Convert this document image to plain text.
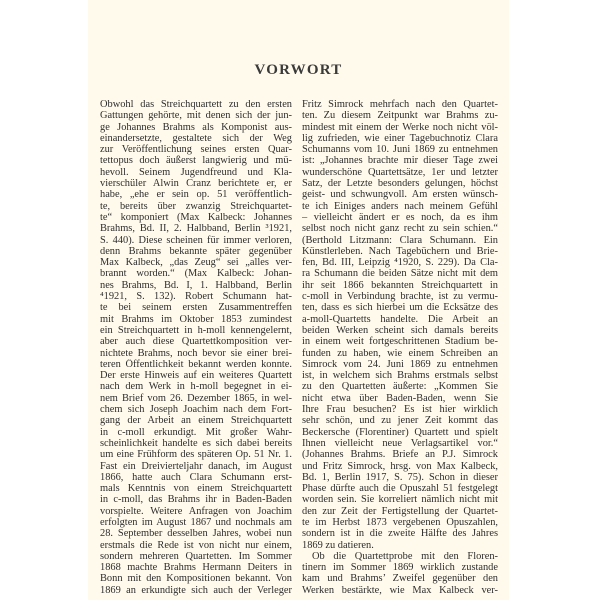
VORWORT
Obwohl das Streichquartett zu den ersten
Gattungen gehörte, mit denen sich der jun-
ge Johannes Brahms als Komponist aus-
einandersetzte, gestaltete sich der Weg
zur Veröffentlichung seines ersten Quar-
tettopus doch äußerst langwierig und mü-
hevoll. Seinem Jugendfreund und Kla-
vierschüler Alwin Cranz berichtete er, er
habe, „ehe er sein op. 51 veröffentlich-
te, bereits über zwanzig Streichquartet-
te“ komponiert (Max Kalbeck: Johannes
Brahms, Bd. II, 2. Halbband, Berlin ³1921,
S. 440). Diese scheinen für immer verloren,
denn Brahms bekannte später gegenüber
Max Kalbeck, „das Zeug“ sei „alles ver-
brannt worden.“ (Max Kalbeck: Johan-
nes Brahms, Bd. I, 1. Halbband, Berlin
⁴1921, S. 132). Robert Schumann hat-
te bei seinem ersten Zusammentreffen
mit Brahms im Oktober 1853 zumindest
ein Streichquartett in h-moll kennengelernt,
aber auch diese Quartettkomposition ver-
nichtete Brahms, noch bevor sie einer brei-
teren Öffentlichkeit bekannt werden konnte.
Der erste Hinweis auf ein weiteres Quartett
nach dem Werk in h-moll begegnet in ei-
nem Brief vom 26. Dezember 1865, in wel-
chem sich Joseph Joachim nach dem Fort-
gang der Arbeit an einem Streichquartett
in c-moll erkundigt. Mit großer Wahr-
scheinlichkeit handelte es sich dabei bereits
um eine Frühform des späteren Op. 51 Nr. 1.
Fast ein Dreivierteljahr danach, im August
1866, hatte auch Clara Schumann erst-
mals Kenntnis von einem Streichquartett
in c-moll, das Brahms ihr in Baden-Baden
vorspielte. Weitere Anfragen von Joachim
erfolgten im August 1867 und nochmals am
28. September desselben Jahres, wobei nun
erstmals die Rede ist von nicht nur einem,
sondern mehreren Quartetten. Im Sommer
1868 machte Brahms Hermann Deiters in
Bonn mit den Kompositionen bekannt. Von
1869 an erkundigte sich auch der Verleger
Fritz Simrock mehrfach nach den Quartet-
ten. Zu diesem Zeitpunkt war Brahms zu-
mindest mit einem der Werke noch nicht völ-
lig zufrieden, wie einer Tagebuchnotiz Clara
Schumanns vom 10. Juni 1869 zu entnehmen
ist: „Johannes brachte mir dieser Tage zwei
wunderschöne Quartettsätze, 1er und letzter
Satz, der Letzte besonders gelungen, höchst
geist- und schwungvoll. Am ersten wünsch-
te ich Einiges anders nach meinem Gefühl
– vielleicht ändert er es noch, da es ihm
selbst noch nicht ganz recht zu sein schien.“
(Berthold Litzmann: Clara Schumann. Ein
Künstlerleben. Nach Tagebüchern und Brie-
fen, Bd. III, Leipzig ⁴1920, S. 229). Da Cla-
ra Schumann die beiden Sätze nicht mit dem
ihr seit 1866 bekannten Streichquartett in
c-moll in Verbindung brachte, ist zu vermu-
ten, dass es sich hierbei um die Ecksätze des
a-moll-Quartetts handelte. Die Arbeit an
beiden Werken scheint sich damals bereits
in einem weit fortgeschrittenen Stadium be-
funden zu haben, wie einem Schreiben an
Simrock vom 24. Juni 1869 zu entnehmen
ist, in welchem sich Brahms erstmals selbst
zu den Quartetten äußerte: „Kommen Sie
nicht etwa über Baden-Baden, wenn Sie
Ihre Frau besuchen? Es ist hier wirklich
sehr schön, und zu jener Zeit kommt das
Beckersche (Florentiner) Quartett und spielt
Ihnen vielleicht neue Verlagsartikel vor.“
(Johannes Brahms. Briefe an P.J. Simrock
und Fritz Simrock, hrsg. von Max Kalbeck,
Bd. 1, Berlin 1917, S. 75). Schon in dieser
Phase dürfte auch die Opuszahl 51 festgelegt
worden sein. Sie korreliert nämlich nicht mit
den zur Zeit der Fertigstellung der Quartet-
te im Herbst 1873 vergebenen Opuszahlen,
sondern ist in die zweite Hälfte des Jahres
1869 zu datieren.
Ob die Quartettprobe mit den Floren-
tinern im Sommer 1869 wirklich zustande
kam und Brahms’ Zweifel gegenüber den
Werken bestärkte, wie Max Kalbeck ver-
